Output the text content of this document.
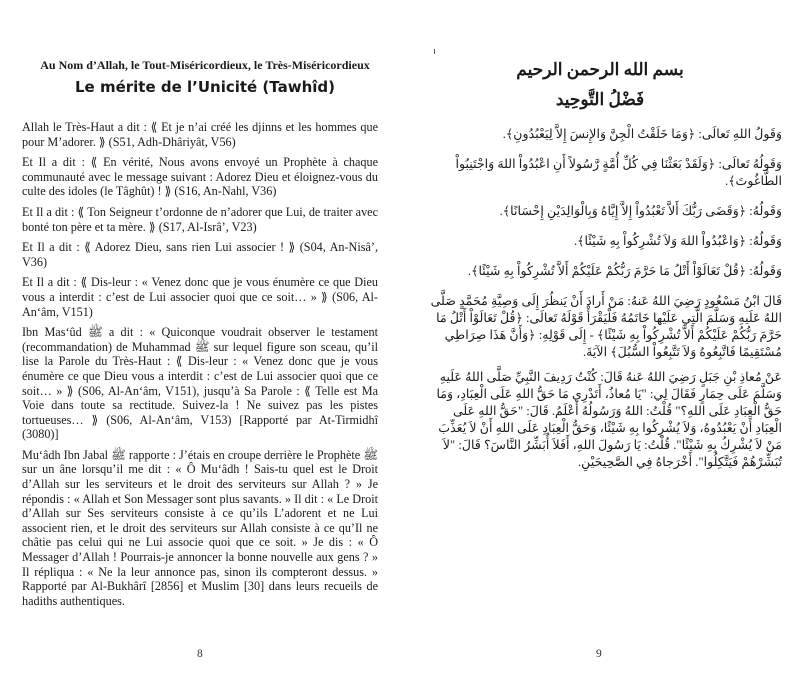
Au Nom d’Allah, le Tout-Miséricordieux, le Très-Miséricordieux
Le mérite de l’Unicité (Tawhîd)

Allah le Très-Haut a dit : ⟪ Et je n’ai créé les djinns et les hommes que pour M’adorer. ⟫ (S51, Adh-Dhâriyât, V56)

Et Il a dit : ⟪ En vérité, Nous avons envoyé un Prophète à chaque communauté avec le message suivant : Adorez Dieu et éloignez-vous du culte des idoles (le Tâghût) ! ⟫ (S16, An-Nahl, V36)

Et Il a dit : ⟪ Ton Seigneur t’ordonne de n’adorer que Lui, de traiter avec bonté ton père et ta mère. ⟫ (S17, Al-Isrâ’, V23)

Et Il a dit : ⟪ Adorez Dieu, sans rien Lui associer ! ⟫ (S04, An-Nisâ’, V36)

Et Il a dit : ⟪ Dis-leur : « Venez donc que je vous énumère ce que Dieu vous a interdit : c’est de Lui associer quoi que ce soit… » ⟫ (S06, Al-An‘âm, V151)

Ibn Mas‘ûd ﷺ a dit : « Quiconque voudrait observer le testament (recommandation) de Muhammad ﷺ sur lequel figure son sceau, qu’il lise la Parole du Très-Haut : ⟪ Dis-leur : « Venez donc que je vous énumère ce que Dieu vous a interdit : c’est de Lui associer quoi que ce soit… » ⟫ (S06, Al-An‘âm, V151), jusqu’à Sa Parole : ⟪ Telle est Ma Voie dans toute sa rectitude. Suivez-la ! Ne suivez pas les pistes tortueuses… ⟫ (S06, Al-An‘âm, V153) [Rapporté par At-Tirmidhî (3080)]

Mu‘âdh Ibn Jabal ﷺ rapporte : J’étais en croupe derrière le Prophète ﷺ sur un âne lorsqu’il me dit : « Ô Mu‘âdh ! Sais-tu quel est le Droit d’Allah sur les serviteurs et le droit des serviteurs sur Allah ? » Je répondis : « Allah et Son Messager sont plus savants. » Il dit : « Le Droit d’Allah sur Ses serviteurs consiste à ce qu’ils L’adorent et ne Lui associent rien, et le droit des serviteurs sur Allah consiste à ce qu’Il ne châtie pas celui qui ne Lui associe quoi que ce soit. » Je dis : « Ô Messager d’Allah ! Pourrais-je annoncer la bonne nouvelle aux gens ? » Il répliqua : « Ne la leur annonce pas, sinon ils compteront dessus. » Rapporté par Al-Bukhârî [2856] et Muslim [30] dans leurs recueils de hadiths authentiques.

8
بسم الله الرحمن الرحيم
فَضْلُ التَّوحِيد

وَقَولُ اللهِ تَعالَى: ﴿وَمَا خَلَقْتُ الْجِنَّ وَالإِنسَ إِلاَّ لِيَعْبُدُونِ﴾.

وَقَولُهُ تَعالَى: ﴿وَلَقَدْ بَعَثْنَا فِي كُلِّ أُمَّةٍ رَّسُولاً أَنِ اعْبُدُواْ اللهَ وَاجْتَنِبُواْ الطَّاغُوتَ﴾.

وَقَولُهُ: ﴿وَقَضَى رَبُّكَ أَلاَّ تَعْبُدُواْ إِلاَّ إِيَّاهُ وَبِالْوَالِدَيْنِ إِحْسَانًا﴾.

وَقَولُهُ: ﴿وَاعْبُدُواْ اللهَ وَلاَ تُشْرِكُواْ بِهِ شَيْئًا﴾.

وَقَولُهُ: ﴿قُلْ تَعَالَوْاْ أَتْلُ مَا حَرَّمَ رَبُّكُمْ عَلَيْكُمْ أَلاَّ تُشْرِكُواْ بِهِ شَيْئًا﴾.

قَالَ ابْنُ مَسْعُودٍ رَضِيَ اللهُ عَنهُ: مَنْ أَرادَ أَنْ يَنظُرَ إِلَى وَصِيَّةِ مُحَمَّدٍ صَلَّى اللهُ عَلَيهِ وَسَلَّمَ الَّتِي عَلَيْها خَاتَمُهُ فَلْيَقْرَأْ قَوْلَهُ تَعالَى: ﴿قُلْ تَعَالَوْاْ أَتْلُ مَا حَرَّمَ رَبُّكُمْ عَلَيْكُمْ أَلاَّ تُشْرِكُواْ بِهِ شَيْئًا﴾ - إِلَى قَوْلِهِ: ﴿وَأَنَّ هَذَا صِرَاطِي مُسْتَقِيمًا فَاتَّبِعُوهُ وَلاَ تَتَّبِعُواْ السُّبُلَ﴾ الآيَةَ.

عَنْ مُعاذِ بْنِ جَبَلٍ رَضِيَ اللهُ عَنهُ قَالَ: كُنْتُ رَدِيفَ النَّبِيِّ صَلَّى اللهُ عَلَيهِ وَسَلَّمَ عَلَى حِمَارٍ فَقَالَ لِي: "يَا مُعاذُ، أَتَدْرِي مَا حَقُّ اللهِ عَلَى الْعِبَادِ، وَمَا حَقُّ الْعِبَادِ عَلَى اللهِ؟" قُلْتُ: اللهُ وَرَسُولُهُ أَعْلَمُ. قَالَ: "حَقُّ اللهِ عَلَى الْعِبَادِ أَنْ يَعْبُدُوهُ، وَلاَ يُشْرِكُوا بِهِ شَيْئًا، وَحَقُّ الْعِبَادِ عَلَى اللهِ أَنْ لاَ يُعَذِّبَ مَنْ لاَ يُشْرِكُ بِهِ شَيْئًا". قُلْتُ: يَا رَسُولَ اللهِ، أَفَلاَ أُبَشِّرُ النَّاسَ؟ قَالَ: "لاَ تُبَشِّرْهُمْ فَيَتَّكِلُوا". أَخْرَجاهُ فِي الصَّحِيحَيْنِ.

9
